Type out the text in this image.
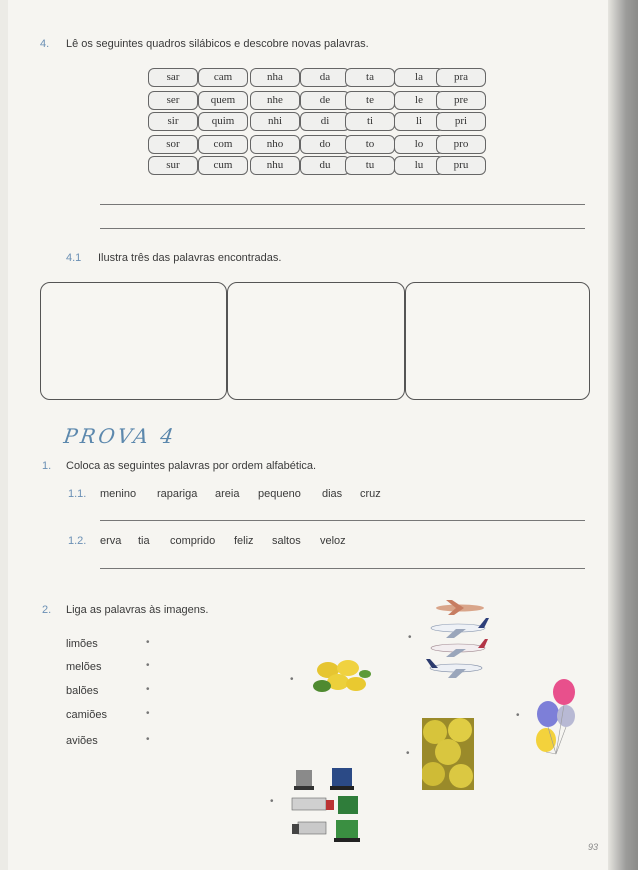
4. Lê os seguintes quadros silábicos e descobre novas palavras.
sar
ser
sir
sor
sur
cam
quem
quim
com
cum
nha
nhe
nhi
nho
nhu
da
de
di
do
du
ta
te
ti
to
tu
la
le
li
lo
lu
pra
pre
pri
pro
pru
4.1 Ilustra três das palavras encontradas.
PROVA 4
1. Coloca as seguintes palavras por ordem alfabética.
1.1. menino rapariga areia pequeno dias cruz
1.2. erva tia comprido feliz saltos veloz
2. Liga as palavras às imagens.
limões
melões
balões
camiões
aviões
•
•
•
•
•
•
•
•
•
•
93
